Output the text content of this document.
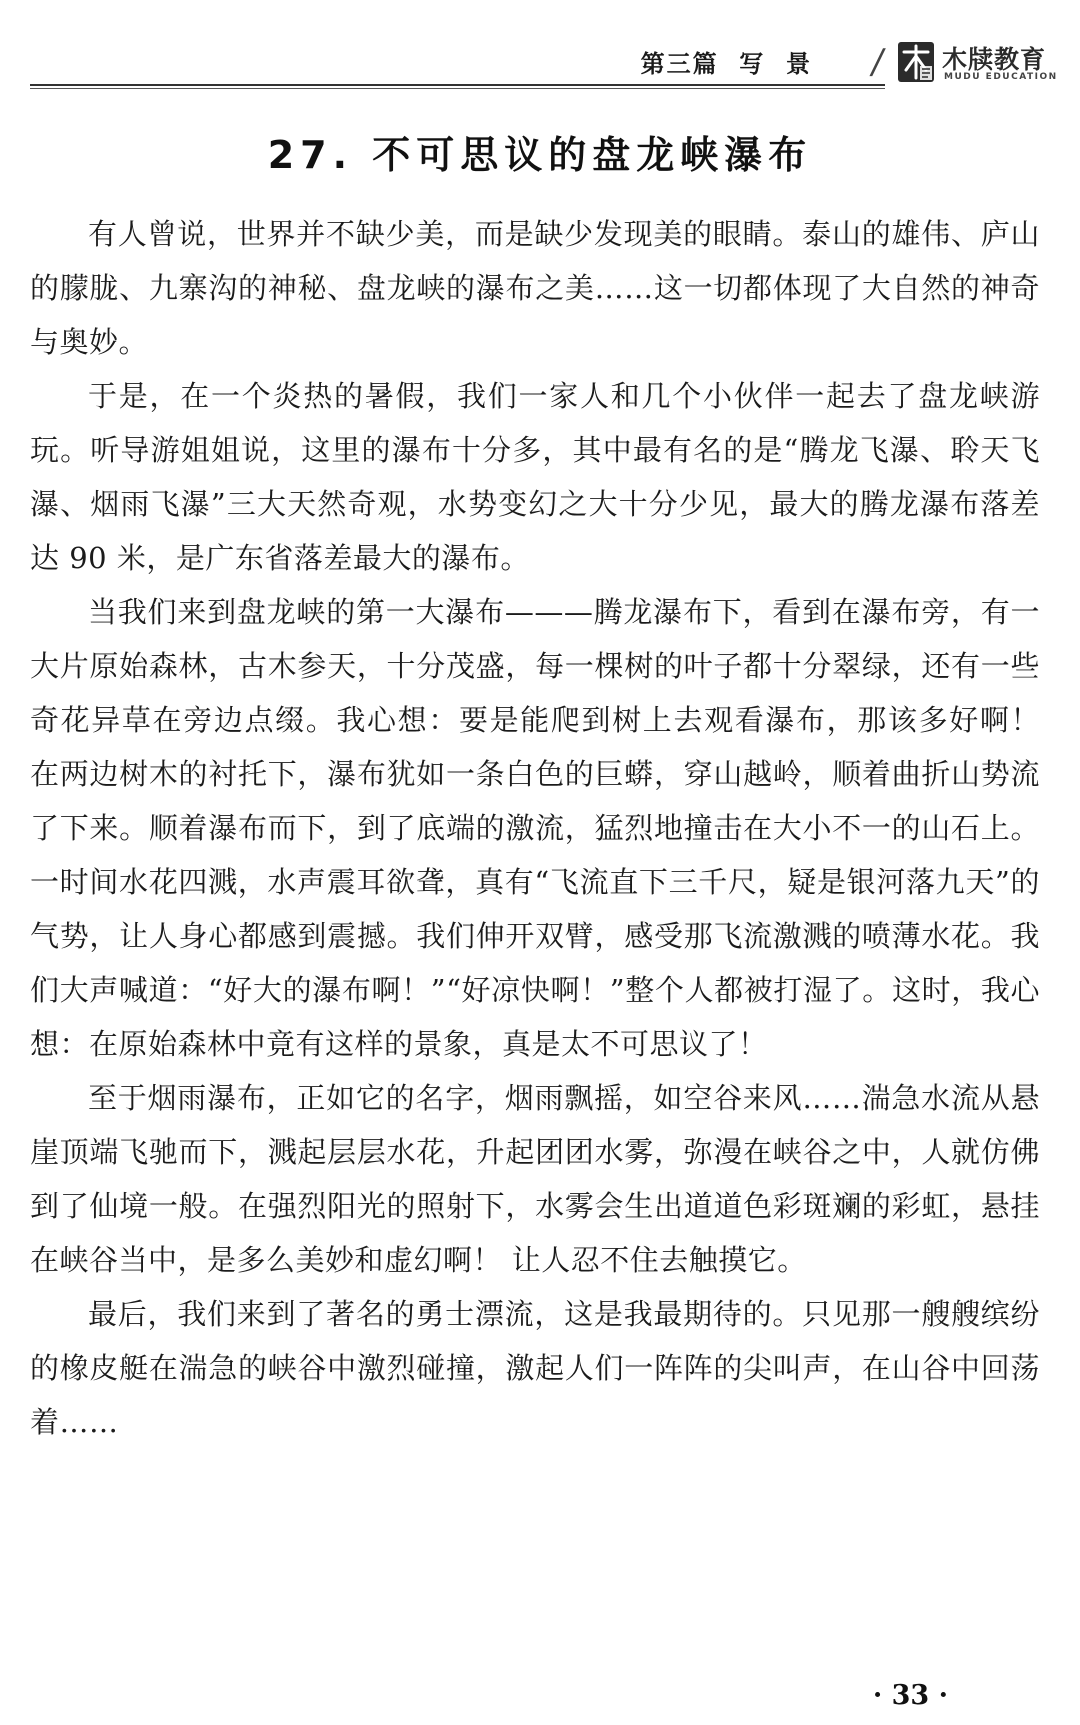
第三篇  写  景 / 木牍教育
MUDU EDUCATION
27. 不可思议的盘龙峡瀑布

有人曾说，世界并不缺少美，而是缺少发现美的眼睛。泰山的雄伟、庐山的朦胧、九寨沟的神秘、盘龙峡的瀑布之美……这一切都体现了大自然的神奇与奥妙。

于是，在一个炎热的暑假，我们一家人和几个小伙伴一起去了盘龙峡游玩。听导游姐姐说，这里的瀑布十分多，其中最有名的是“腾龙飞瀑、聆天飞瀑、烟雨飞瀑”三大天然奇观，水势变幻之大十分少见，最大的腾龙瀑布落差达 90 米，是广东省落差最大的瀑布。

当我们来到盘龙峡的第一大瀑布———腾龙瀑布下，看到在瀑布旁，有一大片原始森林，古木参天，十分茂盛，每一棵树的叶子都十分翠绿，还有一些奇花异草在旁边点缀。我心想：要是能爬到树上去观看瀑布，那该多好啊！ 在两边树木的衬托下，瀑布犹如一条白色的巨蟒，穿山越岭，顺着曲折山势流了下来。顺着瀑布而下，到了底端的激流，猛烈地撞击在大小不一的山石上。一时间水花四溅，水声震耳欲聋，真有“飞流直下三千尺，疑是银河落九天”的气势，让人身心都感到震撼。我们伸开双臂，感受那飞流激溅的喷薄水花。我们大声喊道：“好大的瀑布啊！”“好凉快啊！”整个人都被打湿了。这时，我心想：在原始森林中竟有这样的景象，真是太不可思议了！

至于烟雨瀑布，正如它的名字，烟雨飘摇，如空谷来风……湍急水流从悬崖顶端飞驰而下，溅起层层水花，升起团团水雾，弥漫在峡谷之中，人就仿佛到了仙境一般。在强烈阳光的照射下，水雾会生出道道色彩斑斓的彩虹，悬挂在峡谷当中，是多么美妙和虚幻啊！ 让人忍不住去触摸它。

最后，我们来到了著名的勇士漂流，这是我最期待的。只见那一艘艘缤纷的橡皮艇在湍急的峡谷中激烈碰撞，激起人们一阵阵的尖叫声，在山谷中回荡着……

· 33 ·
